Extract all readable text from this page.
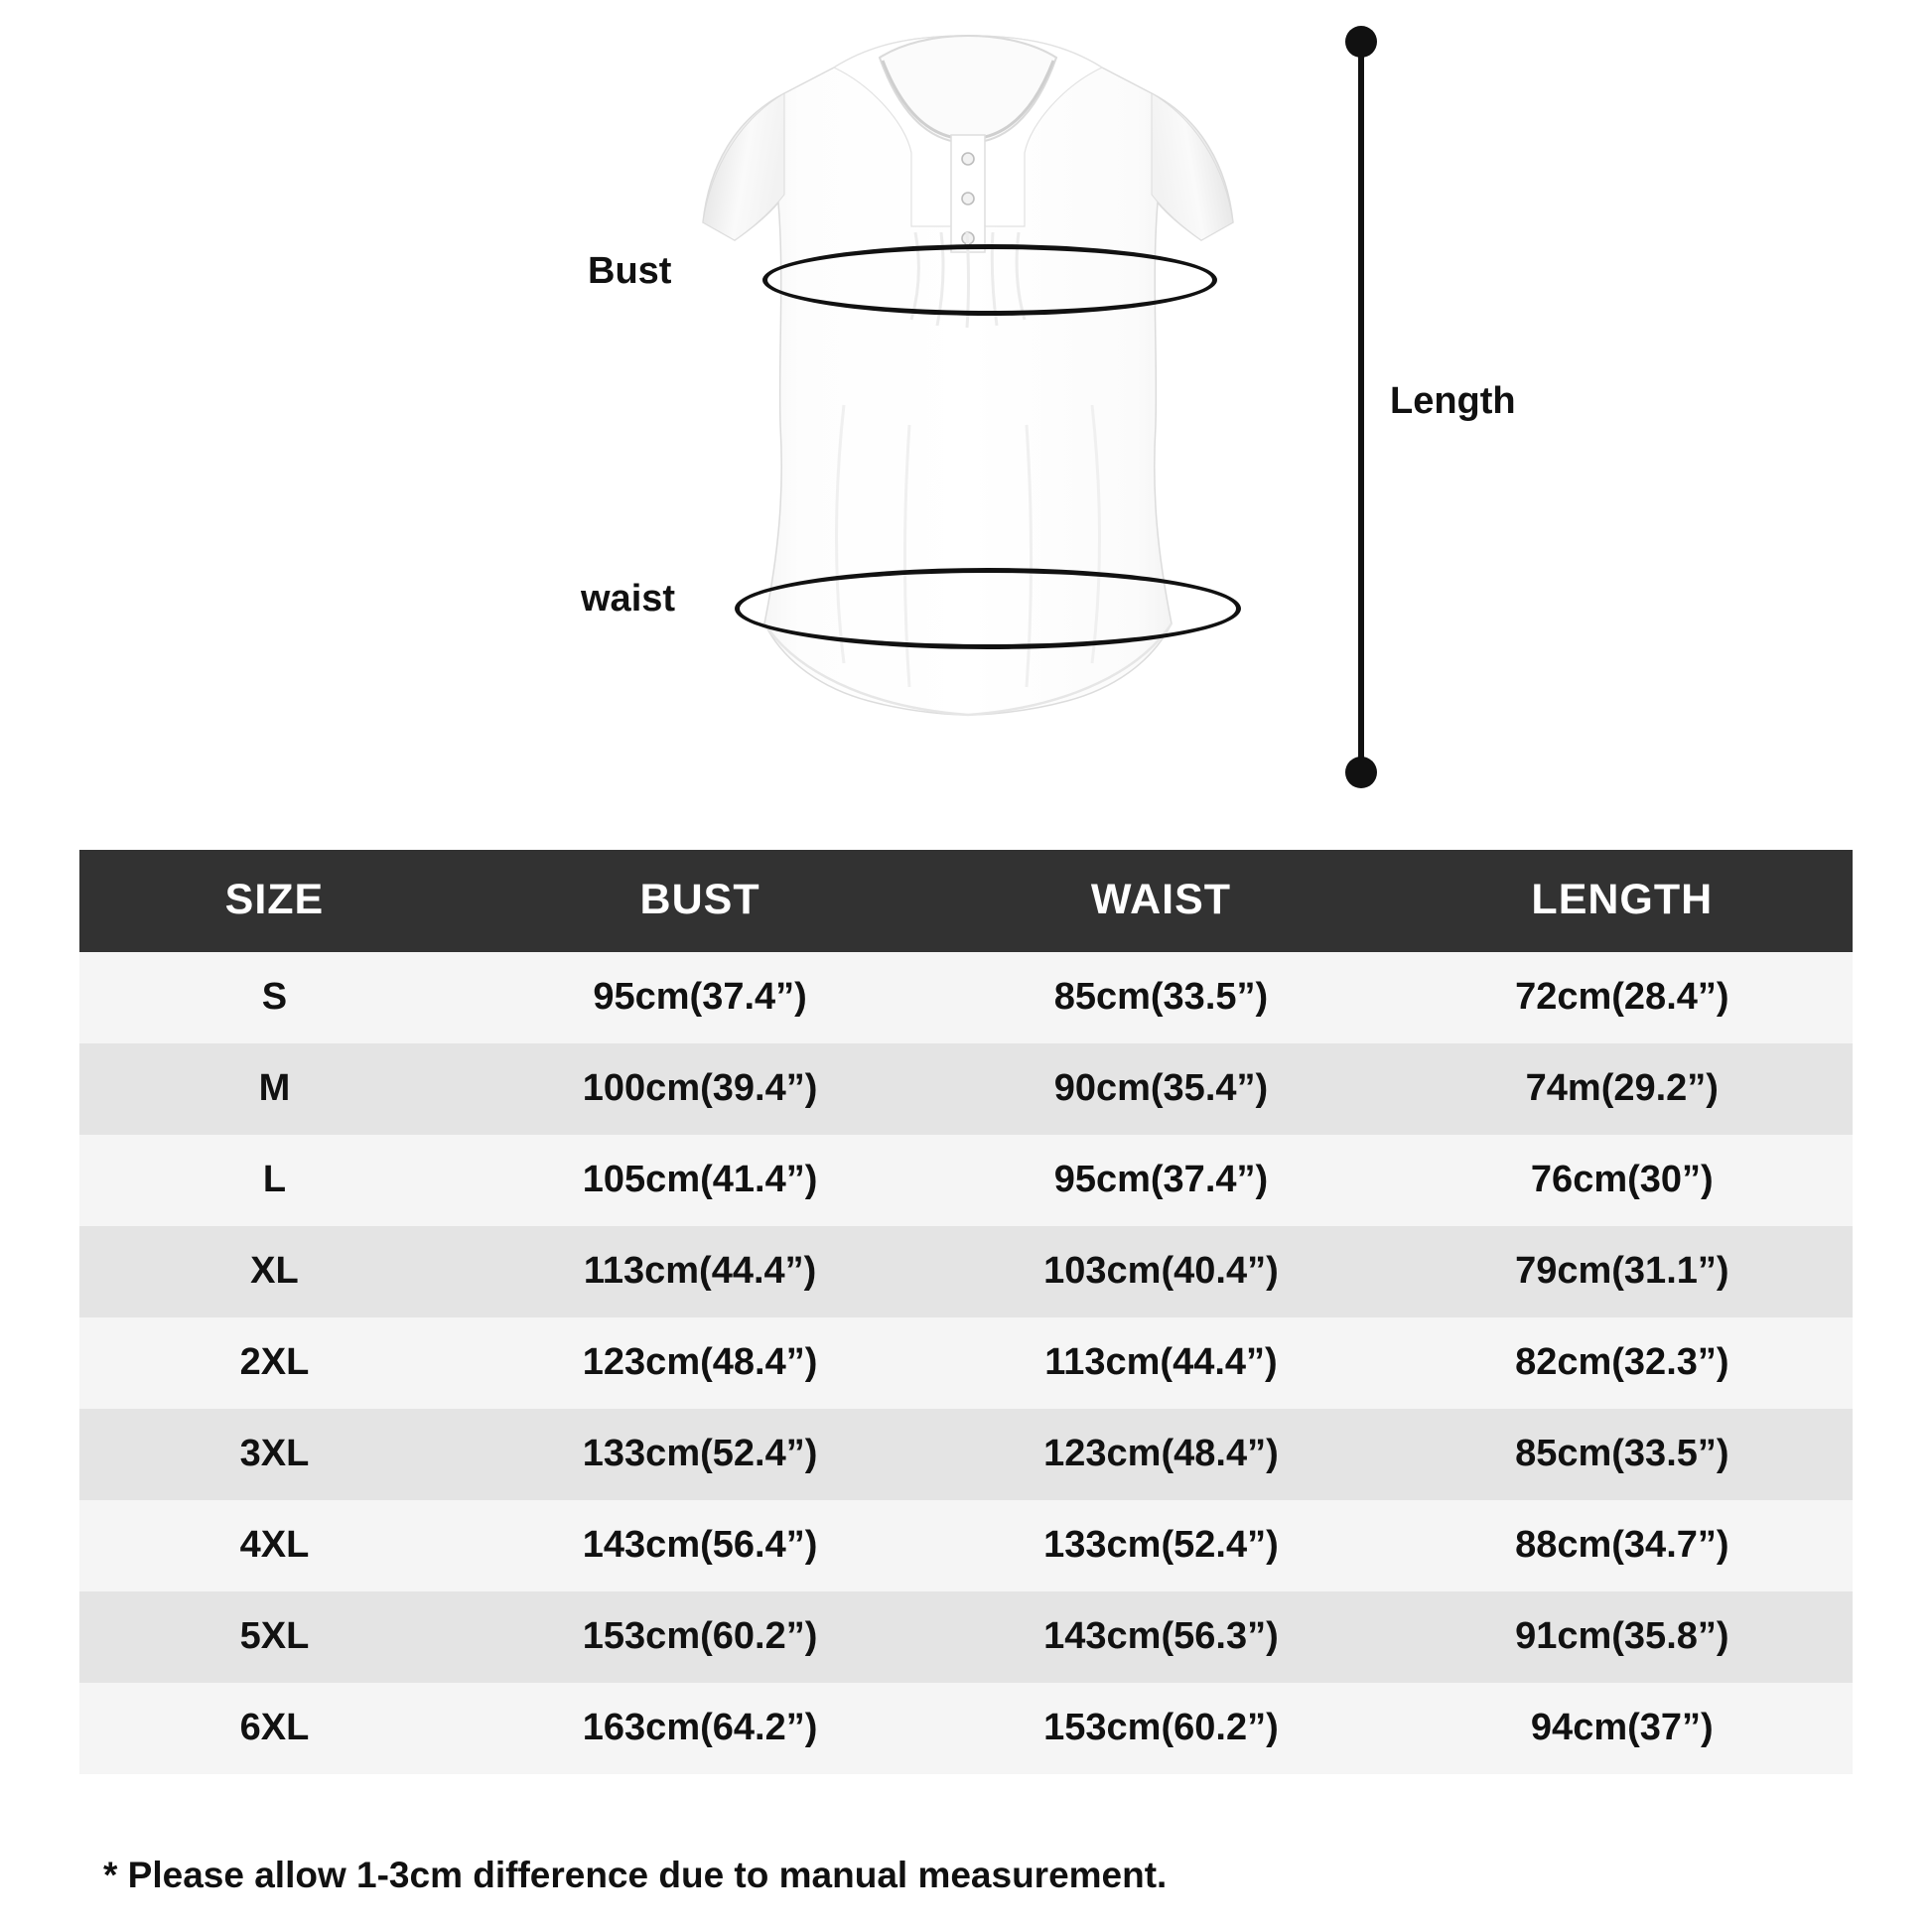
Bust
waist
Length
SIZE	BUST	WAIST	LENGTH
S	95cm(37.4”)	85cm(33.5”)	72cm(28.4”)
M	100cm(39.4”)	90cm(35.4”)	74m(29.2”)
L	105cm(41.4”)	95cm(37.4”)	76cm(30”)
XL	113cm(44.4”)	103cm(40.4”)	79cm(31.1”)
2XL	123cm(48.4”)	113cm(44.4”)	82cm(32.3”)
3XL	133cm(52.4”)	123cm(48.4”)	85cm(33.5”)
4XL	143cm(56.4”)	133cm(52.4”)	88cm(34.7”)
5XL	153cm(60.2”)	143cm(56.3”)	91cm(35.8”)
6XL	163cm(64.2”)	153cm(60.2”)	94cm(37”)
* Please allow 1-3cm difference due to manual measurement.
